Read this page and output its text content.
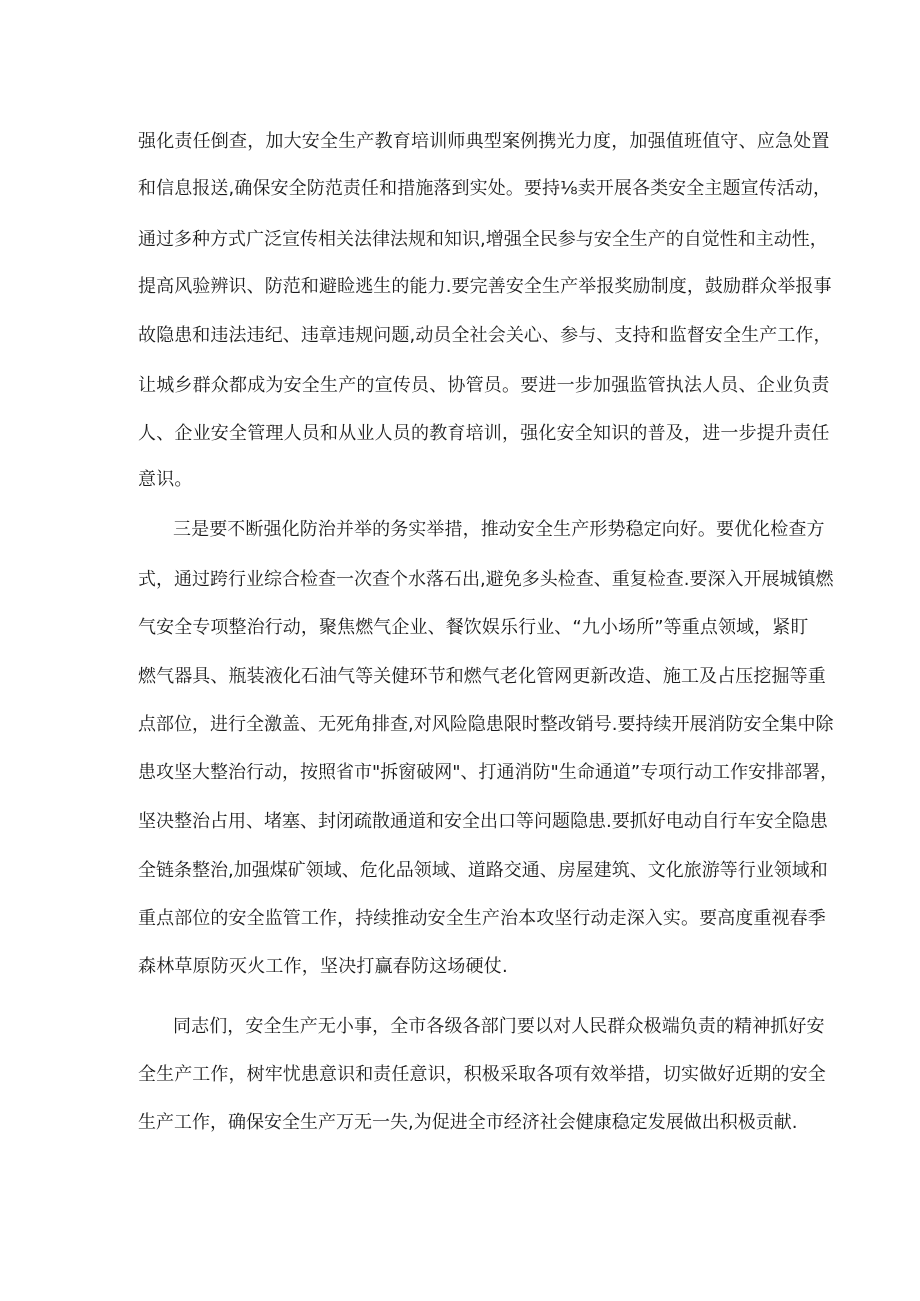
强化责任倒查，加大安全生产教育培训师典型案例携光力度，加强值班值守、应急处置

和信息报送,确保安全防范责任和措施落到实处。要持⅛卖开展各类安全主题宣传活动，

通过多种方式广泛宣传相关法律法规和知识,增强全民参与安全生产的自觉性和主动性，

提高风验辨识、防范和避睑逃生的能力.要完善安全生产举报奖励制度，鼓励群众举报事

故隐患和违法违纪、违章违规问题,动员全社会关心、参与、支持和监督安全生产工作，

让城乡群众都成为安全生产的宣传员、协管员。要进一步加强监管执法人员、企业负责

人、企业安全管理人员和从业人员的教育培训，强化安全知识的普及，进一步提升责任

意识。

三是要不断强化防治并举的务实举措，推动安全生产形势稳定向好。要优化检查方

式，通过跨行业综合检查一次查个水落石出,避免多头检查、重复检查.要深入开展城镇燃

气安全专项整治行动，聚焦燃气企业、餐饮娱乐行业、“九小场所”等重点领域，紧盯

燃气器具、瓶装液化石油气等关健环节和燃气老化管网更新改造、施工及占压挖掘等重

点部位，进行全激盖、无死角排查,对风险隐患限时整改销号.要持续开展消防安全集中除

患攻坚大整治行动，按照省市"拆窗破网"、打通消防"生命通道”专项行动工作安排部署，

坚决整治占用、堵塞、封闭疏散通道和安全出口等问题隐患.要抓好电动自行车安全隐患

全链条整治,加强煤矿领域、危化品领域、道路交通、房屋建筑、文化旅游等行业领域和

重点部位的安全监管工作，持续推动安全生产治本攻坚行动走深入实。要高度重视春季

森林草原防灭火工作，坚决打赢春防这场硬仗.

同志们，安全生产无小事，全市各级各部门要以对人民群众极端负责的精神抓好安

全生产工作，树牢忧患意识和责任意识，积极采取各项有效举措，切实做好近期的安全

生产工作，确保安全生产万无一失,为促进全市经济社会健康稳定发展做出积极贡献.
